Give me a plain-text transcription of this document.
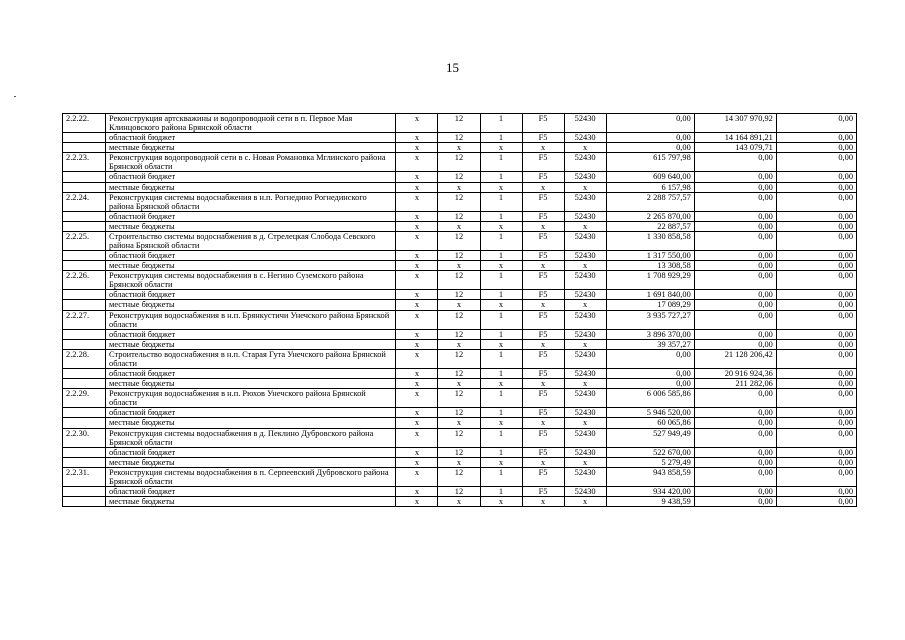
15
2.2.22.	Реконструкция артскважины и водопроводной сети в п. Первое Мая Клинцовского района Брянской области	x	12	1	F5	52430	0,00	14 307 970,92	0,00
	областной бюджет	x	12	1	F5	52430	0,00	14 164 891,21	0,00
	местные бюджеты	x	x	x	x	x	0,00	143 079,71	0,00
2.2.23.	Реконструкция водопроводной сети в с. Новая Романовка Мглинского района Брянской области	x	12	1	F5	52430	615 797,98	0,00	0,00
	областной бюджет	x	12	1	F5	52430	609 640,00	0,00	0,00
	местные бюджеты	x	x	x	x	x	6 157,98	0,00	0,00
2.2.24.	Реконструкция системы водоснабжения в н.п. Рогнедино Рогнединского района Брянской области	x	12	1	F5	52430	2 288 757,57	0,00	0,00
	областной бюджет	x	12	1	F5	52430	2 265 870,00	0,00	0,00
	местные бюджеты	x	x	x	x	x	22 887,57	0,00	0,00
2.2.25.	Строительство системы водоснабжения в д. Стрелецкая Слобода Севского района Брянской области	x	12	1	F5	52430	1 330 858,58	0,00	0,00
	областной бюджет	x	12	1	F5	52430	1 317 550,00	0,00	0,00
	местные бюджеты	x	x	x	x	x	13 308,58	0,00	0,00
2.2.26.	Реконструкция системы водоснабжения в с. Негино Суземского района Брянской области	x	12	1	F5	52430	1 708 929,29	0,00	0,00
	областной бюджет	x	12	1	F5	52430	1 691 840,00	0,00	0,00
	местные бюджеты	x	x	x	x	x	17 089,29	0,00	0,00
2.2.27.	Реконструкция водоснабжения в н.п. Брянкустичи Унечского района Брянской области	x	12	1	F5	52430	3 935 727,27	0,00	0,00
	областной бюджет	x	12	1	F5	52430	3 896 370,00	0,00	0,00
	местные бюджеты	x	x	x	x	x	39 357,27	0,00	0,00
2.2.28.	Строительство водоснабжения в н.п. Старая Гута Унечского района Брянской области	x	12	1	F5	52430	0,00	21 128 206,42	0,00
	областной бюджет	x	12	1	F5	52430	0,00	20 916 924,36	0,00
	местные бюджеты	x	x	x	x	x	0,00	211 282,06	0,00
2.2.29.	Реконструкция водоснабжения в н.п. Рюхов Унечского района Брянской области	x	12	1	F5	52430	6 006 585,86	0,00	0,00
	областной бюджет	x	12	1	F5	52430	5 946 520,00	0,00	0,00
	местные бюджеты	x	x	x	x	x	60 065,86	0,00	0,00
2.2.30.	Реконструкция системы водоснабжения в д. Пеклино Дубровского района Брянской области	x	12	1	F5	52430	527 949,49	0,00	0,00
	областной бюджет	x	12	1	F5	52430	522 670,00	0,00	0,00
	местные бюджеты	x	x	x	x	x	5 279,49	0,00	0,00
2.2.31.	Реконструкция системы водоснабжения в п. Серпеевский Дубровского района Брянской области	x	12	1	F5	52430	943 858,59	0,00	0,00
	областной бюджет	x	12	1	F5	52430	934 420,00	0,00	0,00
	местные бюджеты	x	x	x	x	x	9 438,59	0,00	0,00
